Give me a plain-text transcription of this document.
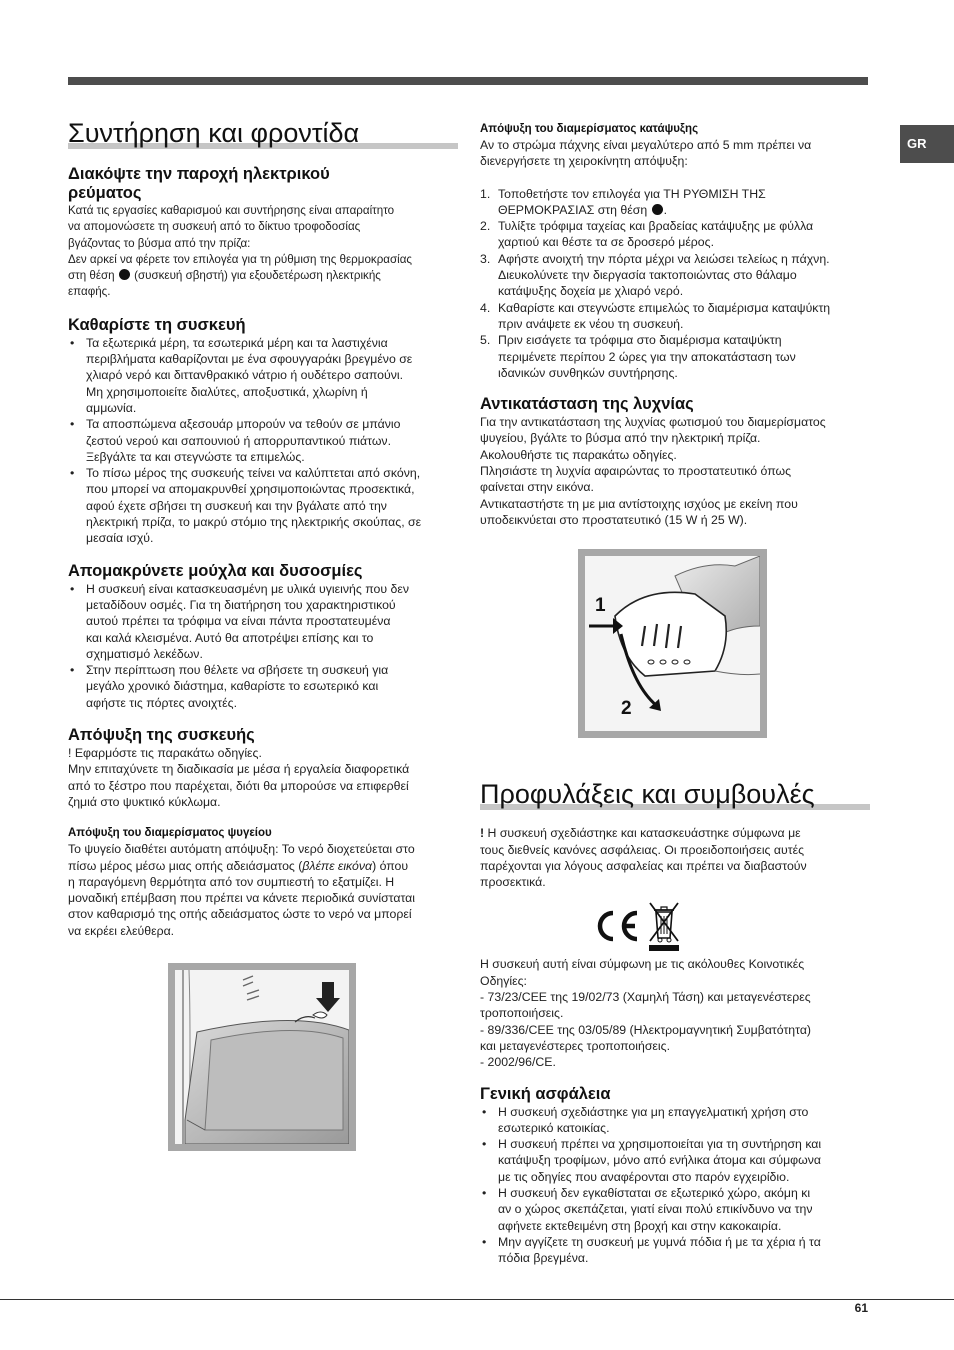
GR
Συντήρηση και φροντίδα
Διακόψτε την παροχή ηλεκτρικού
ρεύματος

Κατά τις εργασίες καθαρισμού και συντήρησης είναι απαραίτητο
να απομονώσετε τη συσκευή από το δίκτυο τροφοδοσίας
βγάζοντας το βύσμα από την πρίζα:
Δεν αρκεί να φέρετε τον επιλογέα για τη ρύθμιση της θερμοκρασίας
στη θέση (συσκευή σβηστή) για εξουδετέρωση ηλεκτρικής
επαφής.

Καθαρίστε τη συσκευή
• Τα εξωτερικά μέρη, τα εσωτερικά μέρη και τα λαστιχένια
περιβλήματα καθαρίζονται με ένα σφουγγαράκι βρεγμένο σε
χλιαρό νερό και διττανθρακικό νάτριο ή ουδέτερο σαπούνι.
Μη χρησιμοποιείτε διαλύτες, αποξυστικά, χλωρίνη ή
αμμωνία.
• Τα αποσπώμενα αξεσουάρ μπορούν να τεθούν σε μπάνιο
ζεστού νερού και σαπουνιού ή απορρυπαντικού πιάτων.
Ξεβγάλτε τα και στεγνώστε τα επιμελώς.
• Το πίσω μέρος της συσκευής τείνει να καλύπτεται από σκόνη,
που μπορεί να απομακρυνθεί χρησιμοποιώντας προσεκτικά,
αφού έχετε σβήσει τη συσκευή και την βγάλατε από την
ηλεκτρική πρίζα, το μακρύ στόμιο της ηλεκτρικής σκούπας, σε
μεσαία ισχύ.
Απομακρύνετε μούχλα και δυσοσμίες
• Η συσκευή είναι κατασκευασμένη με υλικά υγιεινής που δεν
μεταδίδουν οσμές. Για τη διατήρηση του χαρακτηριστικού
αυτού πρέπει τα τρόφιμα να είναι πάντα προστατευμένα
και καλά κλεισμένα. Αυτό θα αποτρέψει επίσης και το
σχηματισμό λεκέδων.
• Στην περίπτωση που θέλετε να σβήσετε τη συσκευή για
μεγάλο χρονικό διάστημα, καθαρίστε το εσωτερικό και
αφήστε τις πόρτες ανοιχτές.
Απόψυξη της συσκευής

! Εφαρμόστε τις παρακάτω οδηγίες.
Μην επιταχύνετε τη διαδικασία με μέσα ή εργαλεία διαφορετικά
από το ξέστρο που παρέχεται, διότι θα μπορούσε να επιφερθεί
ζημιά στο ψυκτικό κύκλωμα.

Απόψυξη του διαμερίσματος ψυγείου

Το ψυγείο διαθέτει αυτόματη απόψυξη: Το νερό διοχετεύεται στο
πίσω μέρος μέσω μιας οπής αδειάσματος (βλέπε εικόνα) όπου
η παραγόμενη θερμότητα από τον συμπιεστή το εξατμίζει. Η
μοναδική επέμβαση που πρέπει να κάνετε περιοδικά συνίσταται
στον καθαρισμό της οπής αδειάσματος ώστε το νερό να μπορεί
να εκρέει ελεύθερα.

Απόψυξη του διαμερίσματος κατάψυξης

Αν το στρώμα πάχνης είναι μεγαλύτερο από 5 mm πρέπει να
διενεργήσετε τη χειροκίνητη απόψυξη:

1. Τοποθετήστε τον επιλογέα για ΤΗ ΡΥΘΜΙΣΗ ΤΗΣ
ΘΕΡΜΟΚΡΑΣΙΑΣ στη θέση .
2. Τυλίξτε τρόφιμα ταχείας και βραδείας κατάψυξης με φύλλα
χαρτιού και θέστε τα σε δροσερό μέρος.
3. Αφήστε ανοιχτή την πόρτα μέχρι να λειώσει τελείως η πάχνη.
Διευκολύνετε την διεργασία τακτοποιώντας στο θάλαμο
κατάψυξης δοχεία με χλιαρό νερό.
4. Καθαρίστε και στεγνώστε επιμελώς το διαμέρισμα καταψύκτη
πριν ανάψετε εκ νέου τη συσκευή.
5. Πριν εισάγετε τα τρόφιμα στο διαμέρισμα καταψύκτη
περιμένετε περίπου 2 ώρες για την αποκατάσταση των
ιδανικών συνθηκών συντήρησης.
Αντικατάσταση της λυχνίας

Για την αντικατάσταση της λυχνίας φωτισμού του διαμερίσματος
ψυγείου, βγάλτε το βύσμα από την ηλεκτρική πρίζα.
Ακολουθήστε τις παρακάτω οδηγίες.
Πλησιάστε τη λυχνία αφαιρώντας το προστατευτικό όπως
φαίνεται στην εικόνα.
Αντικαταστήστε τη με μια αντίστοιχης ισχύος με εκείνη που
υποδεικνύεται στο προστατευτικό (15 W ή 25 W).

Προφυλάξεις και συμβουλές

! Η συσκευή σχεδιάστηκε και κατασκευάστηκε σύμφωνα με
τους διεθνείς κανόνες ασφάλειας. Οι προειδοποιήσεις αυτές
παρέχονται για λόγους ασφαλείας και πρέπει να διαβαστούν
προσεκτικά.

Η συσκευή αυτή είναι σύμφωνη με τις ακόλουθες Κοινοτικές
Οδηγίες:
- 73/23/CEE της 19/02/73 (Χαμηλή Τάση) και μεταγενέστερες
τροποποιήσεις.
- 89/336/CEE της 03/05/89 (Ηλεκτρομαγνητική Συμβατότητα)
και μεταγενέστερες τροποποιήσεις.
- 2002/96/CE.

Γενική ασφάλεια
• Η συσκευή σχεδιάστηκε για μη επαγγελματική χρήση στο
εσωτερικό κατοικίας.
• Η συσκευή πρέπει να χρησιμοποιείται για τη συντήρηση και
κατάψυξη τροφίμων, μόνο από ενήλικα άτομα και σύμφωνα
με τις οδηγίες που αναφέρονται στο παρόν εγχειρίδιο.
• Η συσκευή δεν εγκαθίσταται σε εξωτερικό χώρο, ακόμη κι
αν ο χώρος σκεπάζεται, γιατί είναι πολύ επικίνδυνο να την
αφήνετε εκτεθειμένη στη βροχή και στην κακοκαιρία.
• Μην αγγίζετε τη συσκευή με γυμνά πόδια ή με τα χέρια ή τα
πόδια βρεγμένα.
1
2
61
